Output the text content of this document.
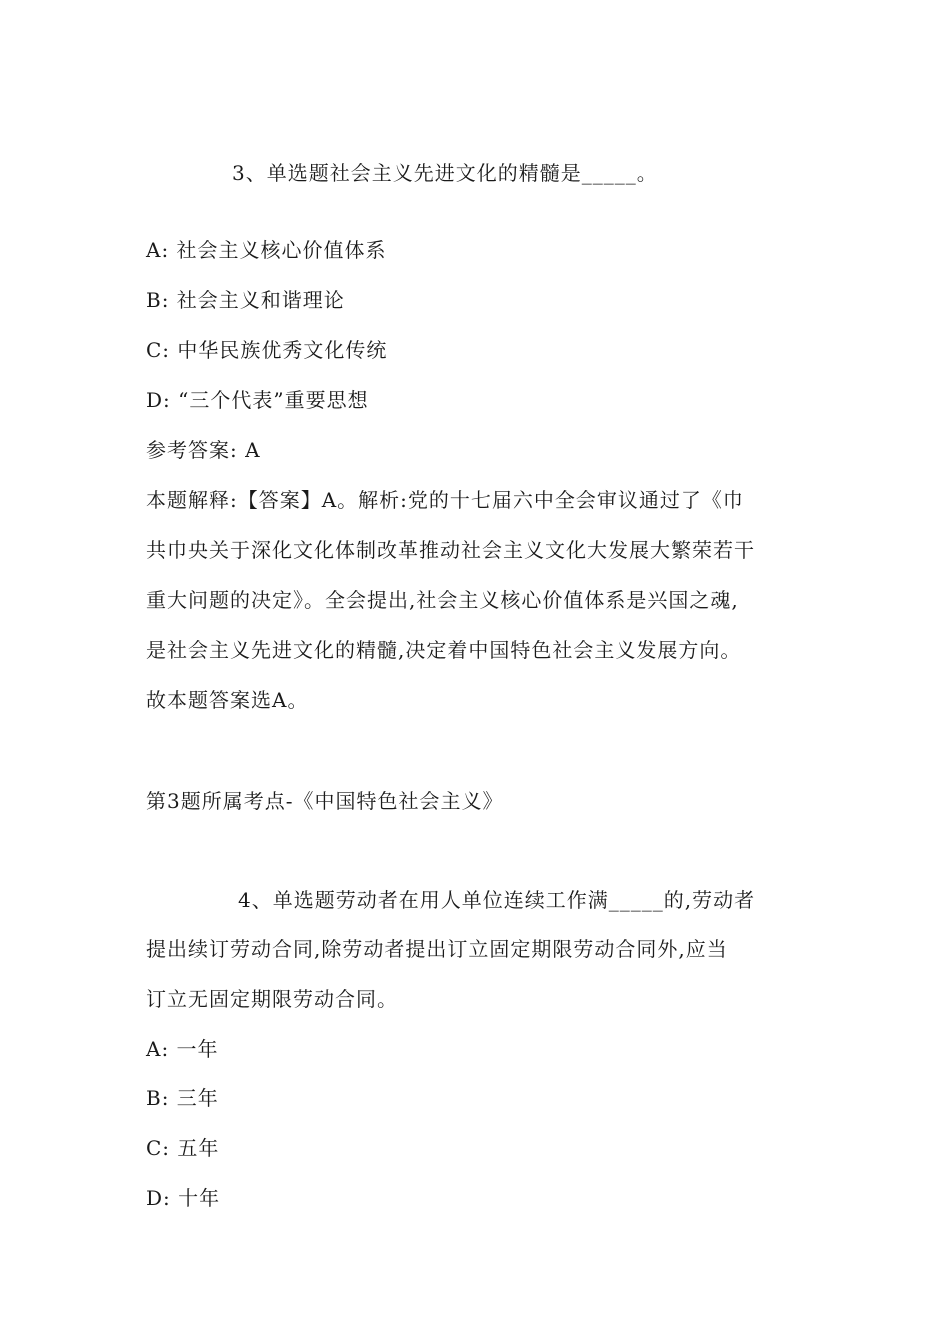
3、单选题社会主义先进文化的精髓是_____。
A: 社会主义核心价值体系
B: 社会主义和谐理论
C: 中华民族优秀文化传统
D: “三个代表”重要思想
参考答案: A
本题解释:【答案】A。解析:党的十七届六中全会审议通过了《巾
共巾央关于深化文化体制改革推动社会主义文化大发展大繁荣若干
重大问题的决定》。全会提出,社会主义核心价值体系是兴国之魂,
是社会主义先进文化的精髓,决定着中国特色社会主义发展方向。
故本题答案选A。
第3题所属考点-《中国特色社会主义》
4、单选题劳动者在用人单位连续工作满_____的,劳动者
提出续订劳动合同,除劳动者提出订立固定期限劳动合同外,应当
订立无固定期限劳动合同。
A: 一年
B: 三年
C: 五年
D: 十年
